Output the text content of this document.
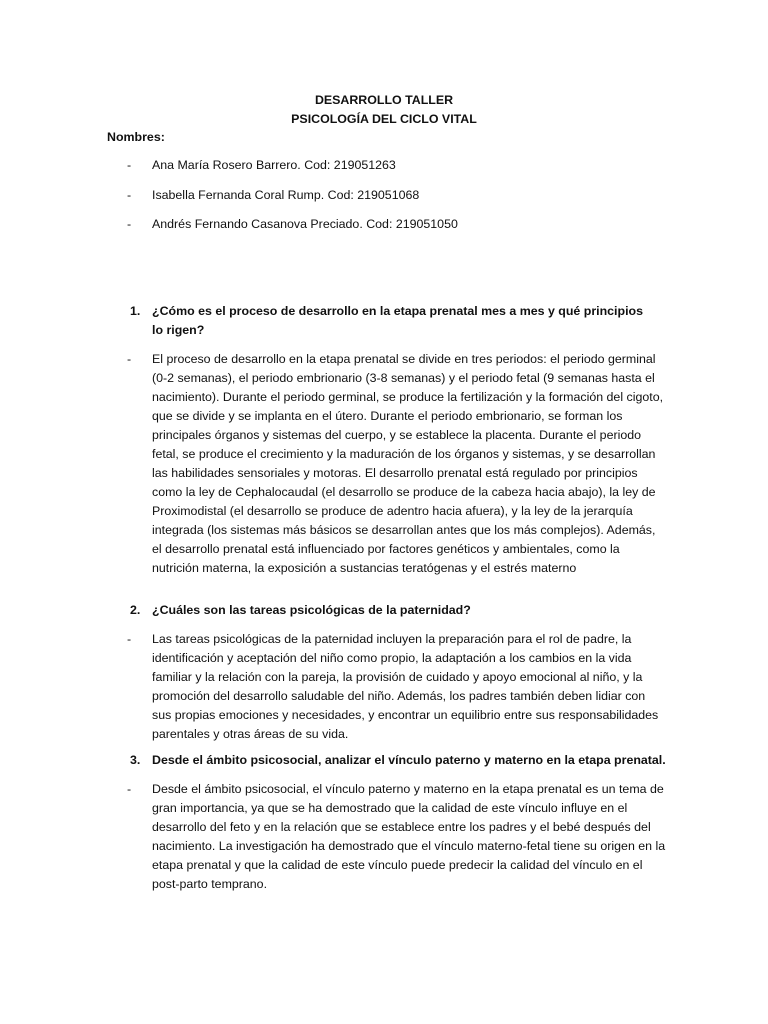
DESARROLLO TALLER
PSICOLOGÍA DEL CICLO VITAL
Nombres:
- Ana María Rosero Barrero. Cod: 219051263
- Isabella Fernanda Coral Rump. Cod: 219051068
- Andrés Fernando Casanova Preciado. Cod: 219051050
1. ¿Cómo es el proceso de desarrollo en la etapa prenatal mes a mes y qué principios lo rigen?
- El proceso de desarrollo en la etapa prenatal se divide en tres periodos: el periodo germinal (0-2 semanas), el periodo embrionario (3-8 semanas) y el periodo fetal (9 semanas hasta el nacimiento). Durante el periodo germinal, se produce la fertilización y la formación del cigoto, que se divide y se implanta en el útero. Durante el periodo embrionario, se forman los principales órganos y sistemas del cuerpo, y se establece la placenta. Durante el periodo fetal, se produce el crecimiento y la maduración de los órganos y sistemas, y se desarrollan las habilidades sensoriales y motoras. El desarrollo prenatal está regulado por principios como la ley de Cephalocaudal (el desarrollo se produce de la cabeza hacia abajo), la ley de Proximodistal (el desarrollo se produce de adentro hacia afuera), y la ley de la jerarquía integrada (los sistemas más básicos se desarrollan antes que los más complejos). Además, el desarrollo prenatal está influenciado por factores genéticos y ambientales, como la nutrición materna, la exposición a sustancias teratógenas y el estrés materno
2. ¿Cuáles son las tareas psicológicas de la paternidad?
- Las tareas psicológicas de la paternidad incluyen la preparación para el rol de padre, la identificación y aceptación del niño como propio, la adaptación a los cambios en la vida familiar y la relación con la pareja, la provisión de cuidado y apoyo emocional al niño, y la promoción del desarrollo saludable del niño. Además, los padres también deben lidiar con sus propias emociones y necesidades, y encontrar un equilibrio entre sus responsabilidades parentales y otras áreas de su vida.
3. Desde el ámbito psicosocial, analizar el vínculo paterno y materno en la etapa prenatal.
- Desde el ámbito psicosocial, el vínculo paterno y materno en la etapa prenatal es un tema de gran importancia, ya que se ha demostrado que la calidad de este vínculo influye en el desarrollo del feto y en la relación que se establece entre los padres y el bebé después del nacimiento. La investigación ha demostrado que el vínculo materno-fetal tiene su origen en la etapa prenatal y que la calidad de este vínculo puede predecir la calidad del vínculo en el post-parto temprano.
